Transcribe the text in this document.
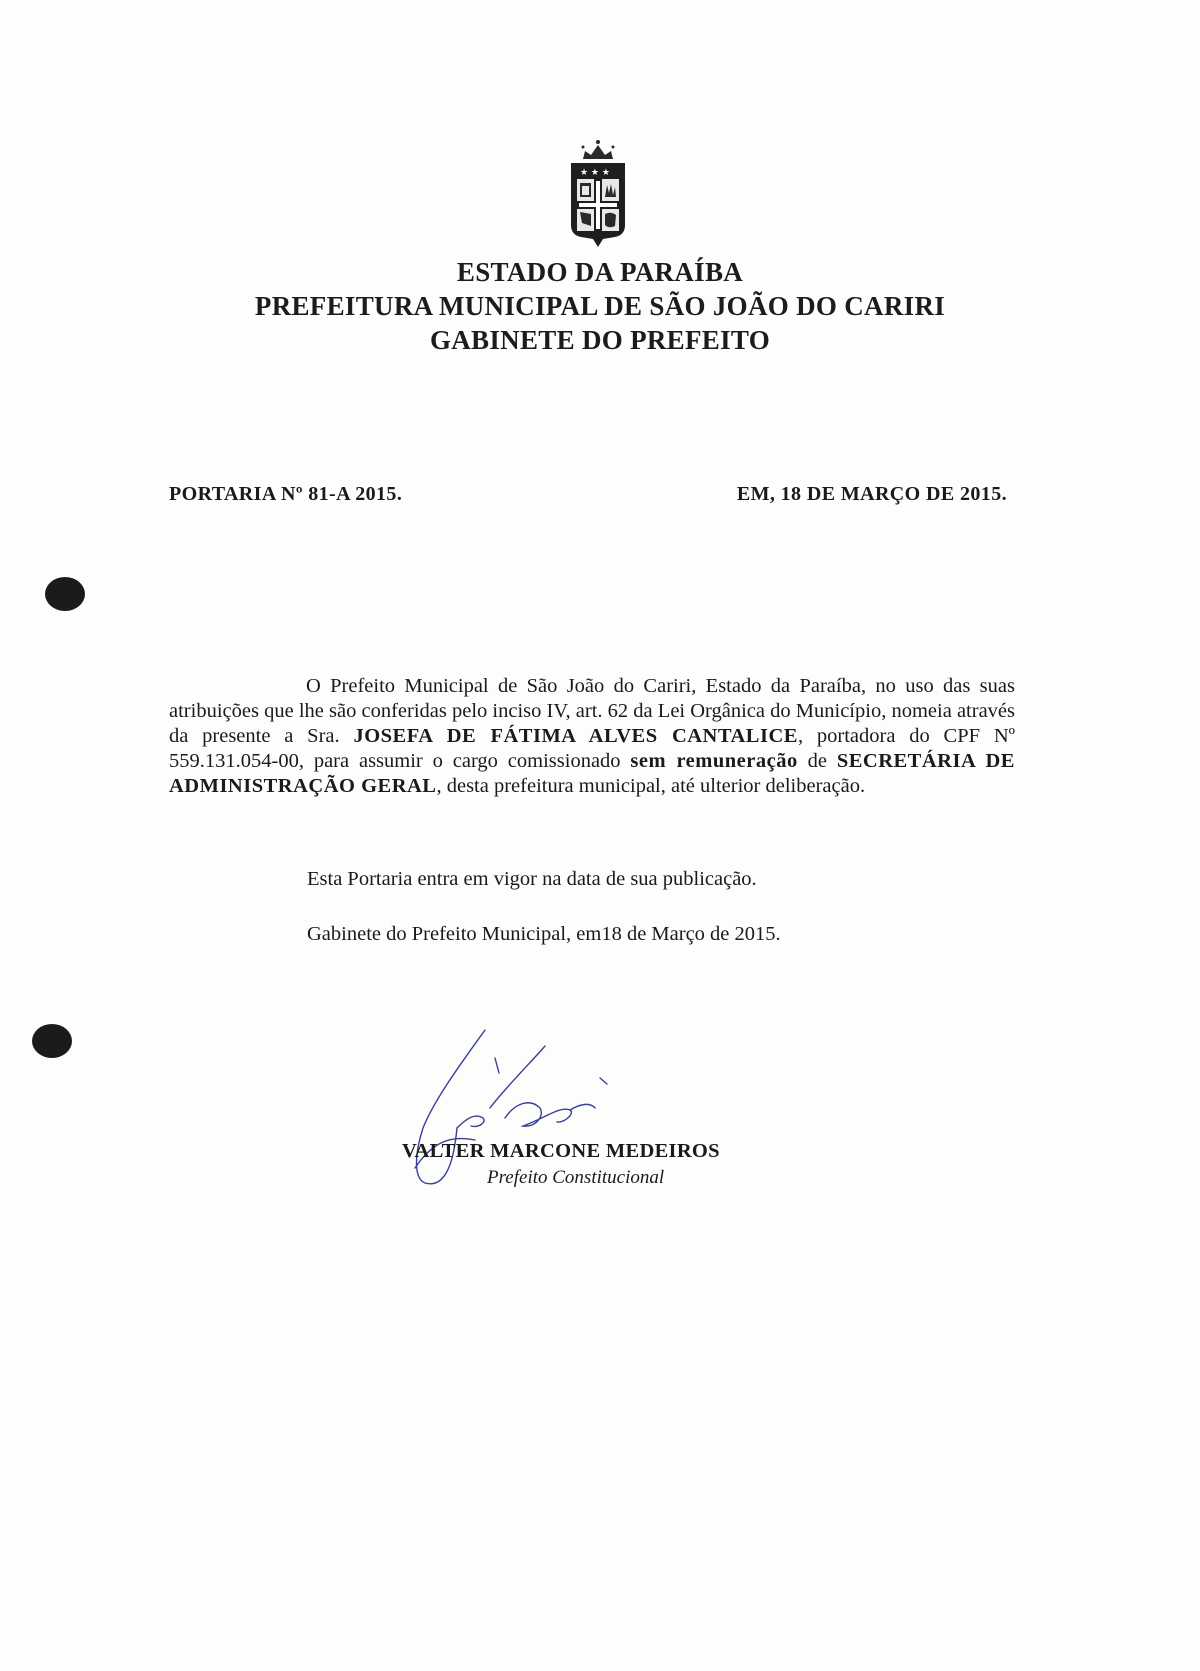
★ ★ ★
ESTADO DA PARAÍBA
PREFEITURA MUNICIPAL DE SÃO JOÃO DO CARIRI
GABINETE DO PREFEITO
PORTARIA Nº 81-A 2015.	EM, 18 DE MARÇO DE 2015.
O Prefeito Municipal de São João do Cariri, Estado da Paraíba, no uso das suas atribuições que lhe são conferidas pelo inciso IV, art. 62 da Lei Orgânica do Município, nomeia através da presente a Sra. JOSEFA DE FÁTIMA ALVES CANTALICE, portadora do CPF Nº 559.131.054-00, para assumir o cargo comissionado sem remuneração de SECRETÁRIA DE ADMINISTRAÇÃO GERAL, desta prefeitura municipal, até ulterior deliberação.
Esta Portaria entra em vigor na data de sua publicação.
Gabinete do Prefeito Municipal, em18 de Março de 2015.
VALTER MARCONE MEDEIROS
Prefeito Constitucional
